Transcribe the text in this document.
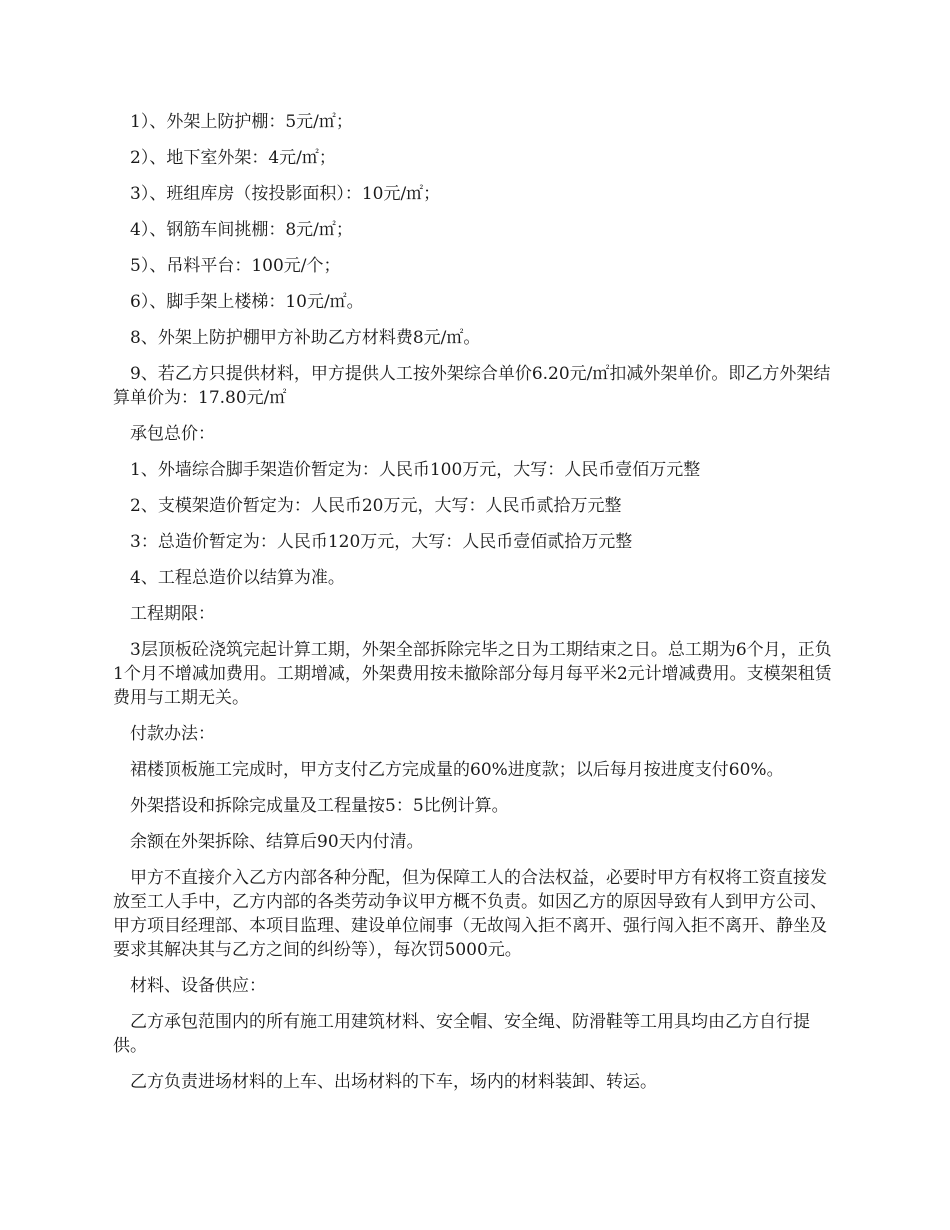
1）、外架上防护棚：5元/㎡；

2）、地下室外架：4元/㎡；

3）、班组库房（按投影面积）：10元/㎡；

4）、钢筋车间挑棚：8元/㎡；

5）、吊料平台：100元/个；

6）、脚手架上楼梯：10元/㎡。

8、外架上防护棚甲方补助乙方材料费8元/㎡。

9、若乙方只提供材料，甲方提供人工按外架综合单价6.20元/㎡扣减外架单价。即乙方外架结算单价为：17.80元/㎡

承包总价：

1、外墙综合脚手架造价暂定为：人民币100万元，大写：人民币壹佰万元整

2、支模架造价暂定为：人民币20万元，大写：人民币贰拾万元整

3：总造价暂定为：人民币120万元，大写：人民币壹佰贰拾万元整

4、工程总造价以结算为准。

工程期限：

3层顶板砼浇筑完起计算工期，外架全部拆除完毕之日为工期结束之日。总工期为6个月，正负1个月不增减加费用。工期增减，外架费用按未撤除部分每月每平米2元计增减费用。支模架租赁费用与工期无关。

付款办法：

裙楼顶板施工完成时，甲方支付乙方完成量的60%进度款；以后每月按进度支付60%。

外架搭设和拆除完成量及工程量按5：5比例计算。

余额在外架拆除、结算后90天内付清。

甲方不直接介入乙方内部各种分配，但为保障工人的合法权益，必要时甲方有权将工资直接发放至工人手中，乙方内部的各类劳动争议甲方概不负责。如因乙方的原因导致有人到甲方公司、甲方项目经理部、本项目监理、建设单位闹事（无故闯入拒不离开、强行闯入拒不离开、静坐及要求其解决其与乙方之间的纠纷等），每次罚5000元。

材料、设备供应：

乙方承包范围内的所有施工用建筑材料、安全帽、安全绳、防滑鞋等工用具均由乙方自行提供。

乙方负责进场材料的上车、出场材料的下车，场内的材料装卸、转运。
